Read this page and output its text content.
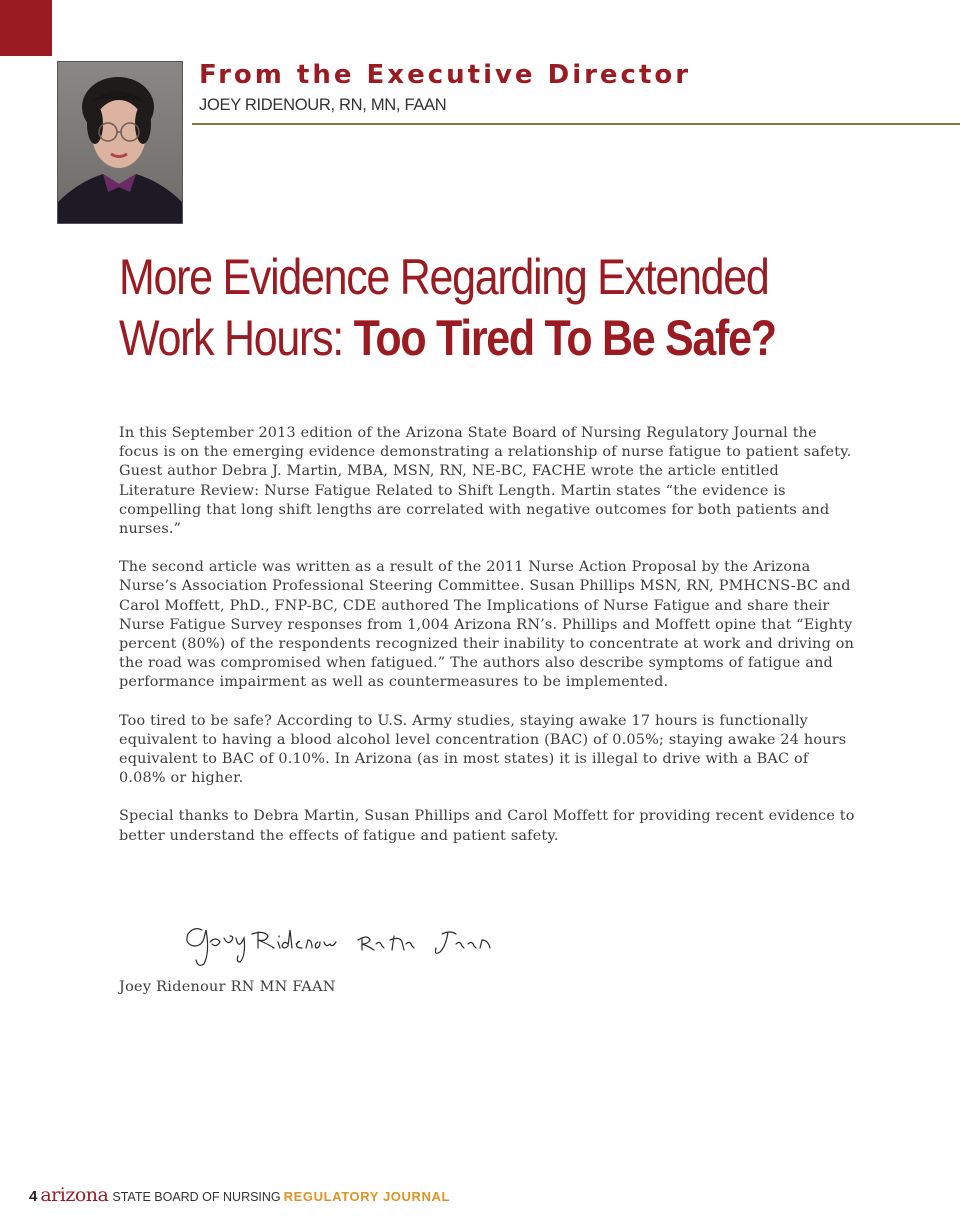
From the Executive Director
JOEY RIDENOUR, RN, MN, FAAN
More Evidence Regarding Extended
Work Hours: Too Tired To Be Safe?

In this September 2013 edition of the Arizona State Board of Nursing Regulatory Journal the focus is on the emerging evidence demonstrating a relationship of nurse fatigue to patient safety. Guest author Debra J. Martin, MBA, MSN, RN, NE-BC, FACHE wrote the article entitled Literature Review: Nurse Fatigue Related to Shift Length. Martin states “the evidence is compelling that long shift lengths are correlated with negative outcomes for both patients and nurses.”

The second article was written as a result of the 2011 Nurse Action Proposal by the Arizona Nurse’s Association Professional Steering Committee. Susan Phillips MSN, RN, PMHCNS-BC and Carol Moffett, PhD., FNP-BC, CDE authored The Implications of Nurse Fatigue and share their Nurse Fatigue Survey responses from 1,004 Arizona RN’s. Phillips and Moffett opine that “Eighty percent (80%) of the respondents recognized their inability to concentrate at work and driving on the road was compromised when fatigued.” The authors also describe symptoms of fatigue and performance impairment as well as countermeasures to be implemented.

Too tired to be safe? According to U.S. Army studies, staying awake 17 hours is functionally equivalent to having a blood alcohol level concentration (BAC) of 0.05%; staying awake 24 hours equivalent to BAC of 0.10%. In Arizona (as in most states) it is illegal to drive with a BAC of 0.08% or higher.

Special thanks to Debra Martin, Susan Phillips and Carol Moffett for providing recent evidence to better understand the effects of fatigue and patient safety.

Joey Ridenour RN MN FAAN
4 arizona STATE BOARD OF NURSING REGULATORY JOURNAL
